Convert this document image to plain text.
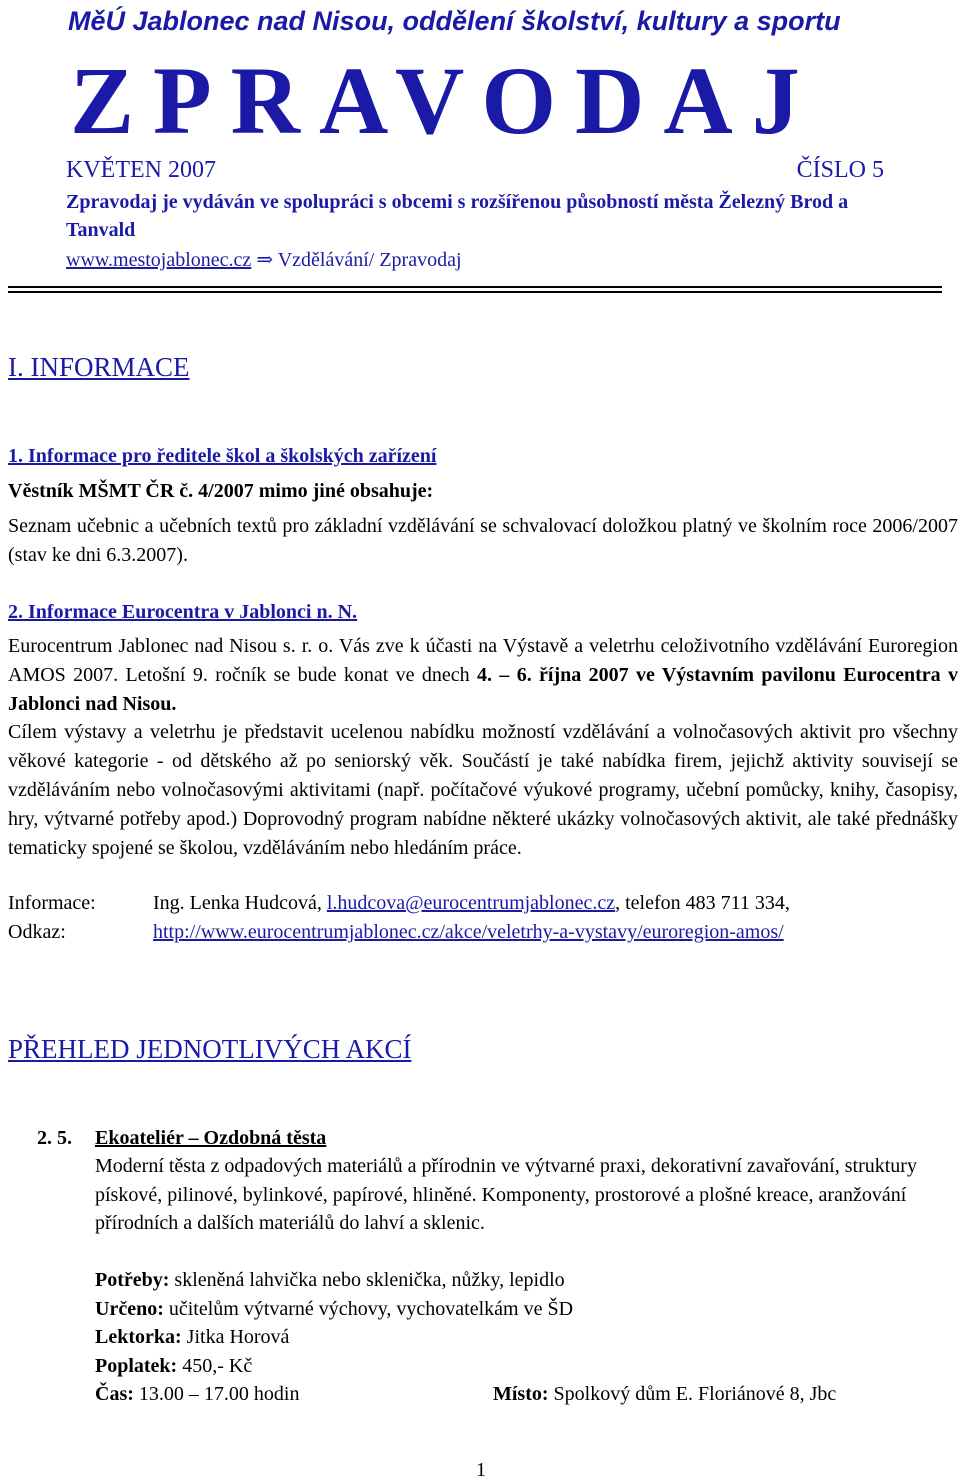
MěÚ Jablonec nad Nisou, oddělení školství, kultury a sportu
ZPRAVODAJ
KVĚTEN 2007	ČÍSLO 5
Zpravodaj je vydáván ve spolupráci s obcemi s rozšířenou působností města Železný Brod a Tanvald
www.mestojablonec.cz ⇒ Vzdělávání/ Zpravodaj
I. INFORMACE
1. Informace pro ředitele škol a školských zařízení
Věstník MŠMT ČR č. 4/2007 mimo jiné obsahuje:
Seznam učebnic a učebních textů pro základní vzdělávání se schvalovací doložkou platný ve školním roce 2006/2007 (stav ke dni 6.3.2007).
2. Informace Eurocentra v Jablonci n. N.
Eurocentrum Jablonec nad Nisou s. r. o. Vás zve k účasti na Výstavě a veletrhu celoživotního vzdělávání Euroregion AMOS 2007. Letošní 9. ročník se bude konat ve dnech 4. – 6. října 2007 ve Výstavním pavilonu Eurocentra v Jablonci nad Nisou.
Cílem výstavy a veletrhu je představit ucelenou nabídku možností vzdělávání a volnočasových aktivit pro všechny věkové kategorie - od dětského až po seniorský věk. Součástí je také nabídka firem, jejichž aktivity souvisejí se vzděláváním nebo volnočasovými aktivitami (např. počítačové výukové programy, učební pomůcky, knihy, časopisy, hry, výtvarné potřeby apod.) Doprovodný program nabídne některé ukázky volnočasových aktivit, ale také přednášky tematicky spojené se školou, vzděláváním nebo hledáním práce.
Informace:	Ing. Lenka Hudcová, l.hudcova@eurocentrumjablonec.cz, telefon 483 711 334,
Odkaz:	http://www.eurocentrumjablonec.cz/akce/veletrhy-a-vystavy/euroregion-amos/
PŘEHLED JEDNOTLIVÝCH AKCÍ
2. 5. Ekoateliér – Ozdobná těsta
Moderní těsta z odpadových materiálů a přírodnin ve výtvarné praxi, dekorativní zavařování, struktury pískové, pilinové, bylinkové, papírové, hliněné. Komponenty, prostorové a plošné kreace, aranžování přírodních a dalších materiálů do lahví a sklenic.
Potřeby: skleněná lahvička nebo sklenička, nůžky, lepidlo
Určeno: učitelům výtvarné výchovy, vychovatelkám ve ŠD
Lektorka: Jitka Horová
Poplatek: 450,- Kč
Čas: 13.00 – 17.00 hodin	Místo: Spolkový dům E. Floriánové 8, Jbc
1
